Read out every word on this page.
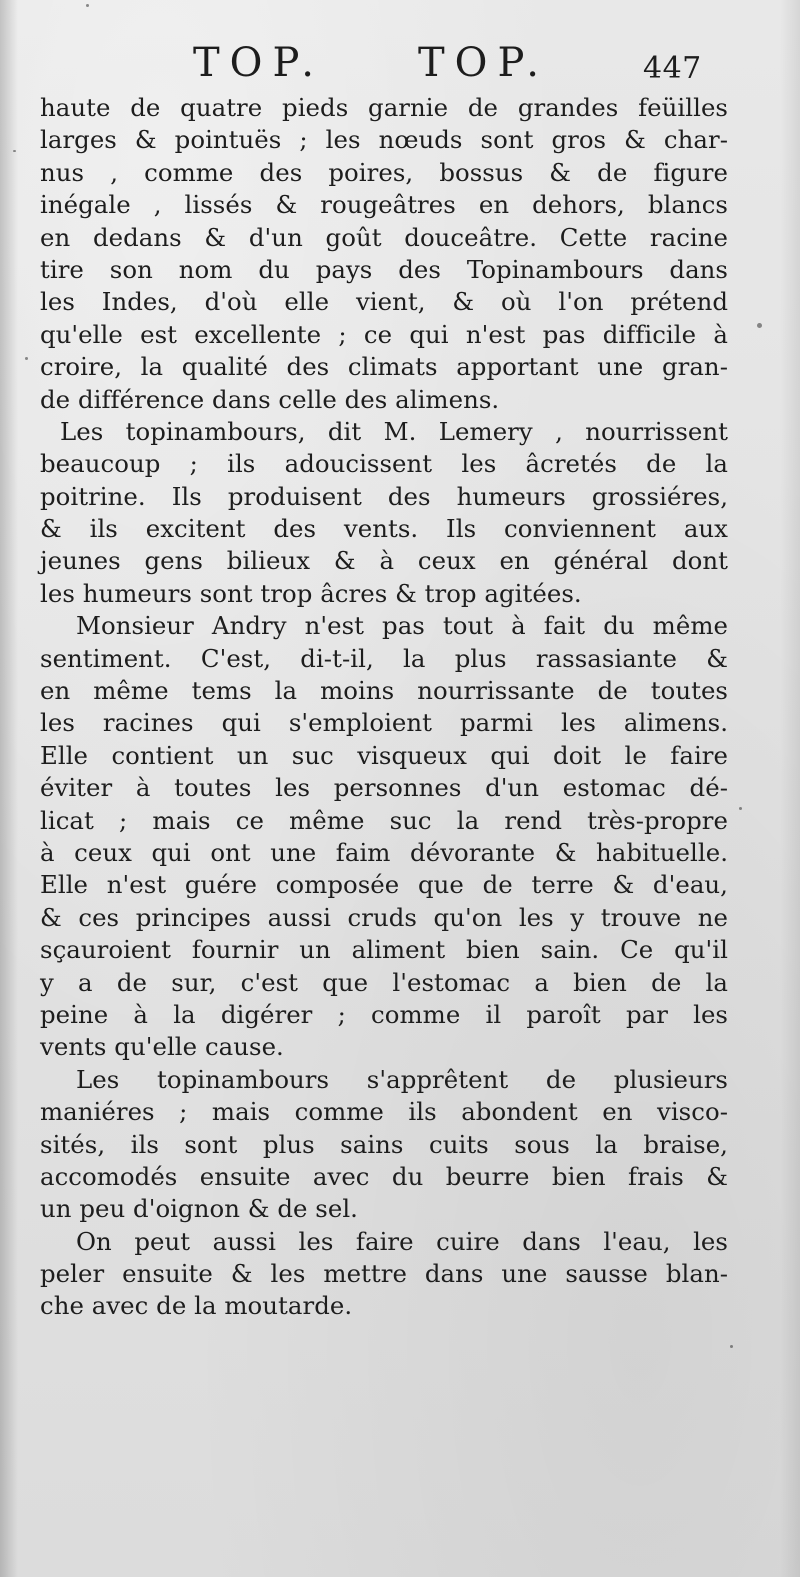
TOP. TOP.	447
haute de quatre pieds garnie de grandes feüilles
larges & pointuës ; les nœuds sont gros & char-
nus , comme des poires, bossus & de figure
inégale , lissés & rougeâtres en dehors, blancs
en dedans & d'un goût douceâtre. Cette racine
tire son nom du pays des Topinambours dans
les Indes, d'où elle vient, & où l'on prétend
qu'elle est excellente ; ce qui n'est pas difficile à
croire, la qualité des climats apportant une gran-
de différence dans celle des alimens.
Les topinambours, dit M. Lemery , nourrissent
beaucoup ; ils adoucissent les âcretés de la
poitrine. Ils produisent des humeurs grossiéres,
& ils excitent des vents. Ils conviennent aux
jeunes gens bilieux & à ceux en général dont
les humeurs sont trop âcres & trop agitées.
Monsieur Andry n'est pas tout à fait du même
sentiment. C'est, di-t-il, la plus rassasiante &
en même tems la moins nourrissante de toutes
les racines qui s'emploient parmi les alimens.
Elle contient un suc visqueux qui doit le faire
éviter à toutes les personnes d'un estomac dé-
licat ; mais ce même suc la rend très-propre
à ceux qui ont une faim dévorante & habituelle.
Elle n'est guére composée que de terre & d'eau,
& ces principes aussi cruds qu'on les y trouve ne
sçauroient fournir un aliment bien sain. Ce qu'il
y a de sur, c'est que l'estomac a bien de la
peine à la digérer ; comme il paroît par les
vents qu'elle cause.
Les topinambours s'apprêtent de plusieurs
maniéres ; mais comme ils abondent en visco-
sités, ils sont plus sains cuits sous la braise,
accomodés ensuite avec du beurre bien frais &
un peu d'oignon & de sel.
On peut aussi les faire cuire dans l'eau, les
peler ensuite & les mettre dans une sausse blan-
che avec de la moutarde.
